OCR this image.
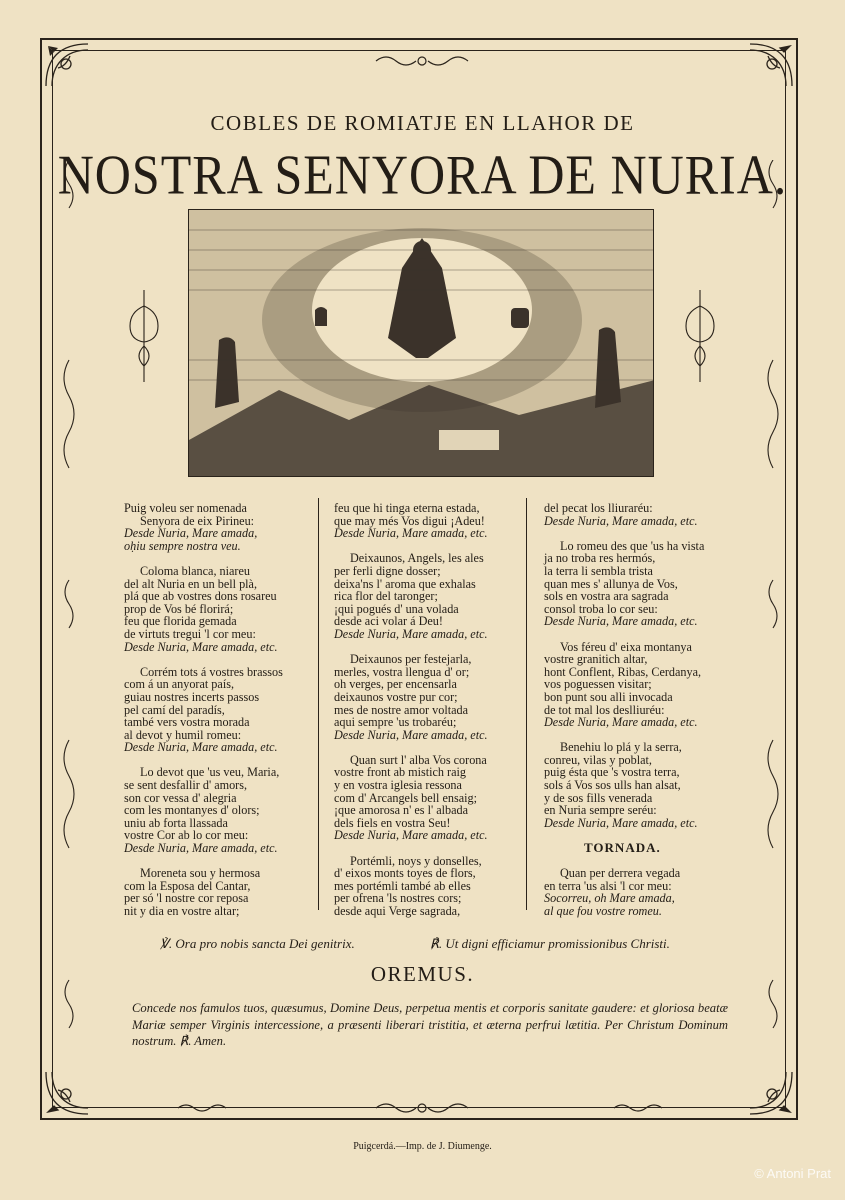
COBLES DE ROMIATJE EN LLAHOR DE
NOSTRA SENYORA DE NURIA.
Puig voleu ser nomenada
Senyora de eix Pirineu:
Desde Nuria, Mare amada,
oḥiu sempre nostra veu.
Coloma blanca, niareu
del alt Nuria en un bell plà,
plá que ab vostres dons rosareu
prop de Vos bé florirá;
feu que florida gemada
de virtuts tregui 'l cor meu:
Desde Nuria, Mare amada, etc.
Corrém tots á vostres brassos
com á un anyorat país,
guiau nostres incerts passos
pel camí del paradís,
també vers vostra morada
al devot y humil romeu:
Desde Nuria, Mare amada, etc.
Lo devot que 'us veu, Maria,
se sent desfallir d' amors,
son cor vessa d' alegria
com les montanyes d' olors;
uniu ab forta llassada
vostre Cor ab lo cor meu:
Desde Nuria, Mare amada, etc.
Moreneta sou y hermosa
com la Esposa del Cantar,
per só 'l nostre cor reposa
nit y dia en vostre altar;
feu que hi tinga eterna estada,
que may més Vos digui ¡Adeu!
Desde Nuria, Mare amada, etc.
Deixaunos, Angels, les ales
per ferli digne dosser;
deixa'ns l' aroma que exhalas
rica flor del taronger;
¡qui pogués d' una volada
desde aci volar á Deu!
Desde Nuria, Mare amada, etc.
Deixaunos per festejarla,
merles, vostra llengua d' or;
oh verges, per encensarla
deixaunos vostre pur cor;
mes de nostre amor voltada
aqui sempre 'us trobaréu;
Desde Nuria, Mare amada, etc.
Quan surt l' alba Vos corona
vostre front ab mistich raig
y en vostra iglesia ressona
com d' Arcangels bell ensaig;
¡que amorosa n' es l' albada
dels fiels en vostra Seu!
Desde Nuria, Mare amada, etc.
Portémli, noys y donselles,
d' eixos monts toyes de flors,
mes portémli també ab elles
per ofrena 'ls nostres cors;
desde aqui Verge sagrada,
del pecat los lliuraréu:
Desde Nuria, Mare amada, etc.
Lo romeu des que 'us ha vista
ja no troba res hermós,
la terra li sembla trista
quan mes s' allunya de Vos,
sols en vostra ara sagrada
consol troba lo cor seu:
Desde Nuria, Mare amada, etc.
Vos féreu d' eixa montanya
vostre granitich altar,
hont Conflent, Ribas, Cerdanya,
vos poguessen visitar;
bon punt sou alli invocada
de tot mal los deslliuréu:
Desde Nuria, Mare amada, etc.
Benehiu lo plá y la serra,
conreu, vilas y poblat,
puig ésta que 's vostra terra,
sols á Vos sos ulls han alsat,
y de sos fills venerada
en Nuria sempre seréu:
Desde Nuria, Mare amada, etc.
TORNADA.
Quan per derrera vegada
en terra 'us alsi 'l cor meu:
Socorreu, oh Mare amada,
al que fou vostre romeu.
℣. Ora pro nobis sancta Dei genitrix.	℟. Ut digni efficiamur promissionibus Christi.
OREMUS.
Concede nos famulos tuos, quæsumus, Domine Deus, perpetua mentis et corporis sanitate gaudere: et gloriosa beatæ Mariæ semper Virginis intercessione, a præsenti liberari tristitia, et æterna perfrui lætitia. Per Christum Dominum nostrum. ℟. Amen.
Puigcerdá.—Imp. de J. Diumenge.
© Antoni Prat
